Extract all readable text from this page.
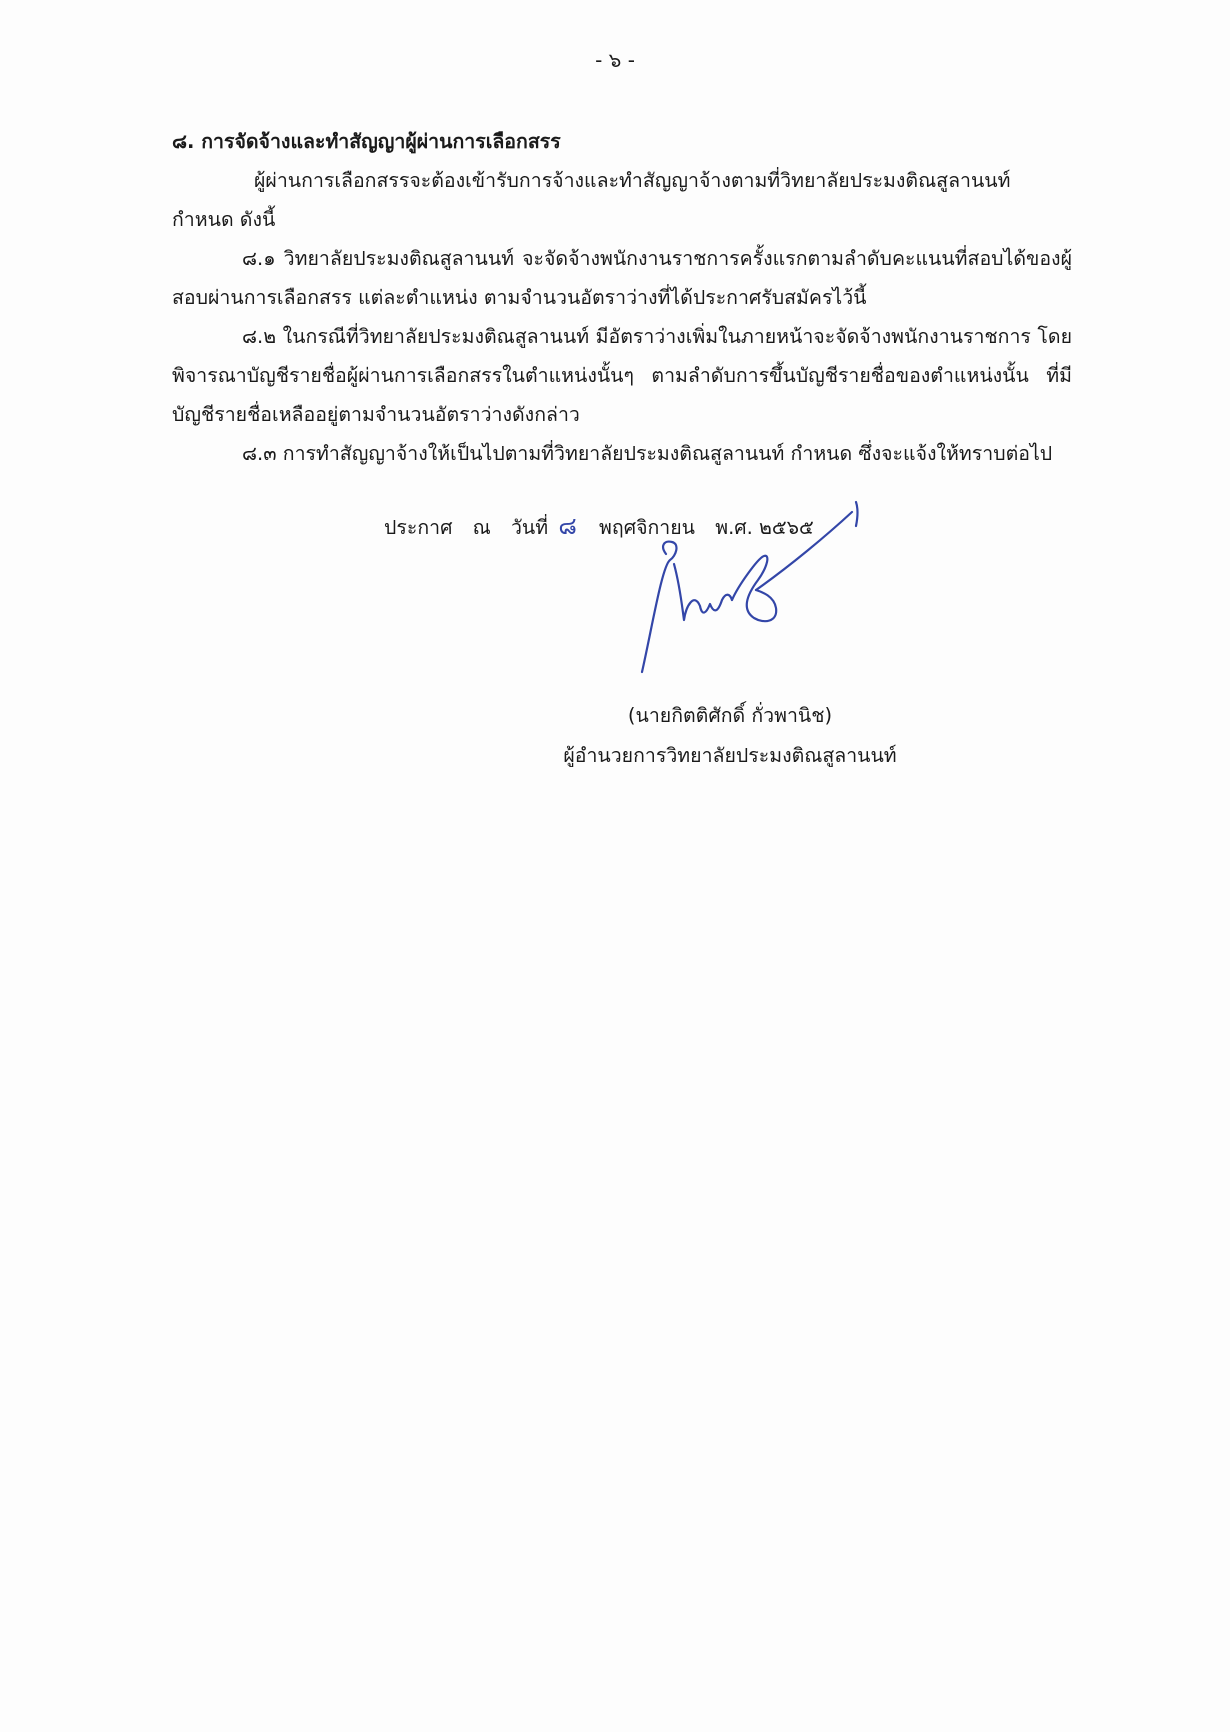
- ๖ -

๘. การจัดจ้างและทำสัญญาผู้ผ่านการเลือกสรร

ผู้ผ่านการเลือกสรรจะต้องเข้ารับการจ้างและทำสัญญาจ้างตามที่วิทยาลัยประมงติณสูลานนท์ กำหนด ดังนี้

๘.๑ วิทยาลัยประมงติณสูลานนท์ จะจัดจ้างพนักงานราชการครั้งแรกตามลำดับคะแนนที่สอบได้ของผู้สอบผ่านการเลือกสรร แต่ละตำแหน่ง ตามจำนวนอัตราว่างที่ได้ประกาศรับสมัครไว้นี้

๘.๒ ในกรณีที่วิทยาลัยประมงติณสูลานนท์ มีอัตราว่างเพิ่มในภายหน้าจะจัดจ้างพนักงานราชการ โดยพิจารณาบัญชีรายชื่อผู้ผ่านการเลือกสรรในตำแหน่งนั้นๆ ตามลำดับการขึ้นบัญชีรายชื่อของตำแหน่งนั้น ที่มีบัญชีรายชื่อเหลืออยู่ตามจำนวนอัตราว่างดังกล่าว

๘.๓ การทำสัญญาจ้างให้เป็นไปตามที่วิทยาลัยประมงติณสูลานนท์ กำหนด ซึ่งจะแจ้งให้ทราบต่อไป

ประกาศ ณ วันที่ ๘ พฤศจิกายน พ.ศ. ๒๕๖๕
(นายกิตติศักดิ์ กั่วพานิช)
ผู้อำนวยการวิทยาลัยประมงติณสูลานนท์
